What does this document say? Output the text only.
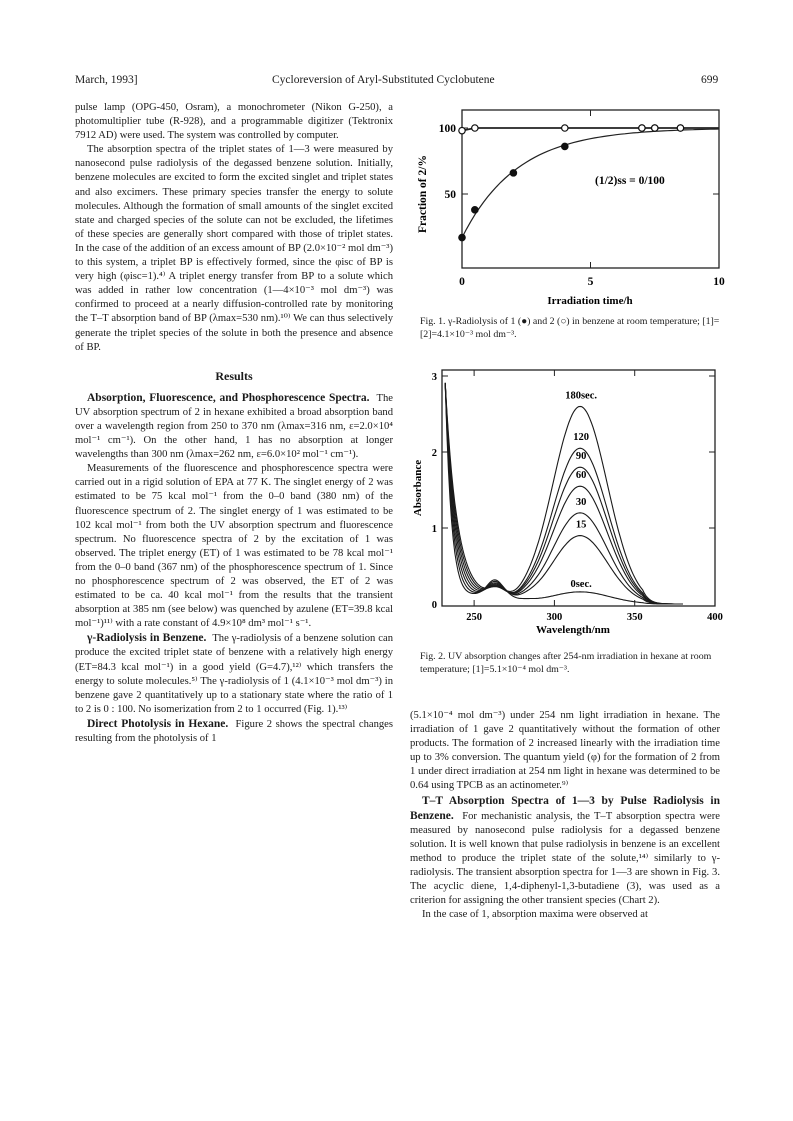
March, 1993]	Cycloreversion of Aryl-Substituted Cyclobutene	699

pulse lamp (OPG-450, Osram), a monochrometer (Nikon G-250), a photomultiplier tube (R-928), and a programmable digitizer (Tektronix 7912 AD) were used. The system was controlled by computer.

The absorption spectra of the triplet states of 1—3 were measured by nanosecond pulse radiolysis of the degassed benzene solution. Initially, benzene molecules are excited to form the excited singlet and triplet states and also excimers. These primary species transfer the energy to solute molecules. Although the formation of small amounts of the singlet excited state and charged species of the solute can not be excluded, the lifetimes of these species are generally short compared with those of triplet states. In the case of the addition of an excess amount of BP (2.0×10⁻² mol dm⁻³) to this system, a triplet BP is effectively formed, since the φisc of BP is very high (φisc=1).⁴⁾ A triplet energy transfer from BP to a solute which was added in rather low concentration (1—4×10⁻³ mol dm⁻³) was confirmed to proceed at a nearly diffusion-controlled rate by monitoring the T–T absorption band of BP (λmax=530 nm).¹⁰⁾ We can thus selectively generate the triplet species of the solute in both the presence and absence of BP.

Results

Absorption, Fluorescence, and Phosphorescence Spectra. The UV absorption spectrum of 2 in hexane exhibited a broad absorption band over a wavelength region from 250 to 370 nm (λmax=316 nm, ε=2.0×10⁴ mol⁻¹ cm⁻¹). On the other hand, 1 has no absorption at longer wavelengths than 300 nm (λmax=262 nm, ε=6.0×10² mol⁻¹ cm⁻¹).

Measurements of the fluorescence and phosphorescence spectra were carried out in a rigid solution of EPA at 77 K. The singlet energy of 2 was estimated to be 75 kcal mol⁻¹ from the 0–0 band (380 nm) of the fluorescence spectrum of 2. The singlet energy of 1 was estimated to be 102 kcal mol⁻¹ from both the UV absorption spectrum and fluorescence spectrum. No fluorescence spectra of 2 by the excitation of 1 was observed. The triplet energy (ET) of 1 was estimated to be 78 kcal mol⁻¹ from the 0–0 band (367 nm) of the phosphorescence spectrum of 1. Since no phosphorescence spectrum of 2 was observed, the ET of 2 was estimated to be ca. 40 kcal mol⁻¹ from the results that the transient absorption at 385 nm (see below) was quenched by azulene (ET=39.8 kcal mol⁻¹)¹¹⁾ with a rate constant of 4.9×10⁸ dm³ mol⁻¹ s⁻¹.

γ-Radiolysis in Benzene. The γ-radiolysis of a benzene solution can produce the excited triplet state of benzene with a relatively high energy (ET=84.3 kcal mol⁻¹) in a good yield (G=4.7),¹²⁾ which transfers the energy to solute molecules.⁵⁾ The γ-radiolysis of 1 (4.1×10⁻³ mol dm⁻³) in benzene gave 2 quantitatively up to a stationary state where the ratio of 1 to 2 is 0 : 100. No isomerization from 2 to 1 occurred (Fig. 1).¹³⁾

Direct Photolysis in Hexane. Figure 2 shows the spectral changes resulting from the photolysis of 1

0	5	10
50
100
(1/2)ss = 0/100
Fraction of 2/%
Irradiation time/h

Fig. 1. γ-Radiolysis of 1 (●) and 2 (○) in benzene at room temperature; [1]=[2]=4.1×10⁻³ mol dm⁻³.

250	300	350	400
0
1
2
3
0sec.
15
30
60
90
120
180sec.
Absorbance
Wavelength/nm

Fig. 2. UV absorption changes after 254-nm irradiation in hexane at room temperature; [1]=5.1×10⁻⁴ mol dm⁻³.

(5.1×10⁻⁴ mol dm⁻³) under 254 nm light irradiation in hexane. The irradiation of 1 gave 2 quantitatively without the formation of other products. The formation of 2 increased linearly with the irradiation time up to 3% conversion. The quantum yield (φ) for the formation of 2 from 1 under direct irradiation at 254 nm light in hexane was determined to be 0.64 using TPCB as an actinometer.⁹⁾

T–T Absorption Spectra of 1—3 by Pulse Radiolysis in Benzene. For mechanistic analysis, the T–T absorption spectra were measured by nanosecond pulse radiolysis for a degassed benzene solution. It is well known that pulse radiolysis in benzene is an excellent method to produce the triplet state of the solute,¹⁴⁾ similarly to γ-radiolysis. The transient absorption spectra for 1—3 are shown in Fig. 3. The acyclic diene, 1,4-diphenyl-1,3-butadiene (3), was used as a criterion for assigning the other transient species (Chart 2).

In the case of 1, absorption maxima were observed at
